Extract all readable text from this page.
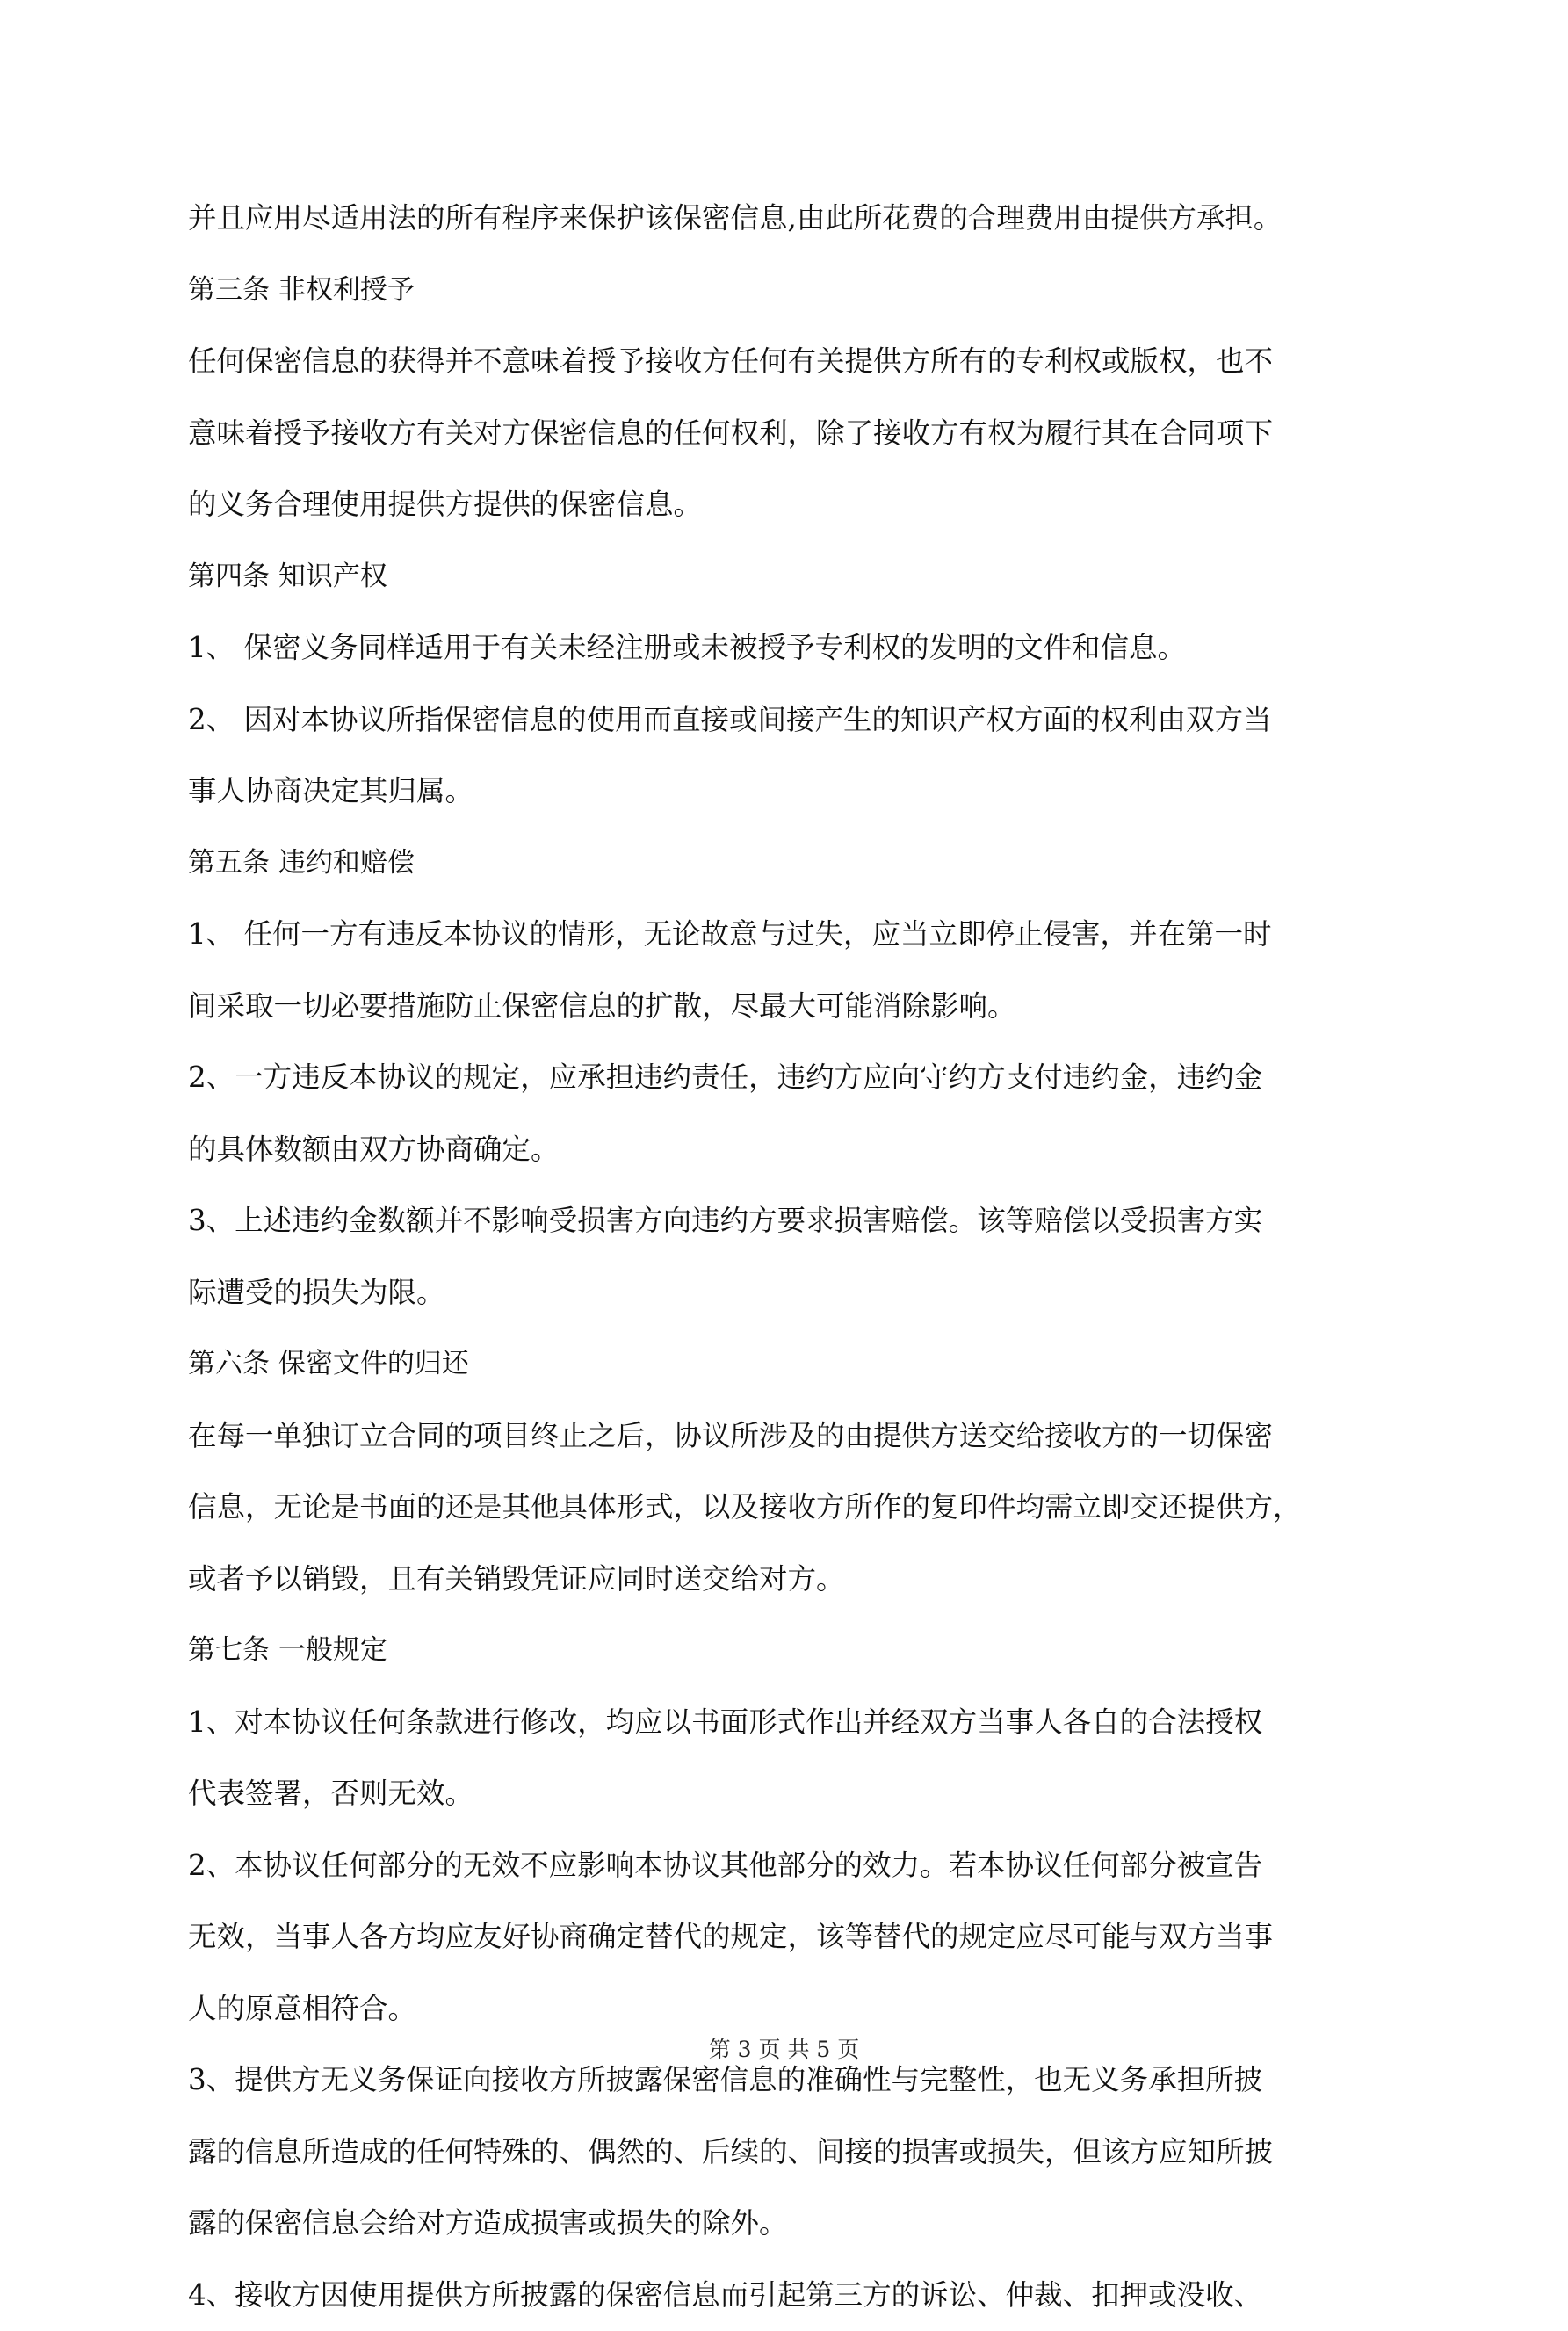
并且应用尽适用法的所有程序来保护该保密信息,由此所花费的合理费用由提供方承担。
第三条 非权利授予
任何保密信息的获得并不意味着授予接收方任何有关提供方所有的专利权或版权，也不
意味着授予接收方有关对方保密信息的任何权利，除了接收方有权为履行其在合同项下
的义务合理使用提供方提供的保密信息。
第四条 知识产权
1、 保密义务同样适用于有关未经注册或未被授予专利权的发明的文件和信息。
2、 因对本协议所指保密信息的使用而直接或间接产生的知识产权方面的权利由双方当
事人协商决定其归属。
第五条 违约和赔偿
1、 任何一方有违反本协议的情形，无论故意与过失，应当立即停止侵害，并在第一时
间采取一切必要措施防止保密信息的扩散，尽最大可能消除影响。
2、一方违反本协议的规定，应承担违约责任，违约方应向守约方支付违约金，违约金
的具体数额由双方协商确定。
3、上述违约金数额并不影响受损害方向违约方要求损害赔偿。该等赔偿以受损害方实
际遭受的损失为限。
第六条 保密文件的归还
在每一单独订立合同的项目终止之后，协议所涉及的由提供方送交给接收方的一切保密
信息，无论是书面的还是其他具体形式，以及接收方所作的复印件均需立即交还提供方，
或者予以销毁，且有关销毁凭证应同时送交给对方。
第七条 一般规定
1、对本协议任何条款进行修改，均应以书面形式作出并经双方当事人各自的合法授权
代表签署，否则无效。
2、本协议任何部分的无效不应影响本协议其他部分的效力。若本协议任何部分被宣告
无效，当事人各方均应友好协商确定替代的规定，该等替代的规定应尽可能与双方当事
人的原意相符合。
3、提供方无义务保证向接收方所披露保密信息的准确性与完整性，也无义务承担所披
露的信息所造成的任何特殊的、偶然的、后续的、间接的损害或损失，但该方应知所披
露的保密信息会给对方造成损害或损失的除外。
4、接收方因使用提供方所披露的保密信息而引起第三方的诉讼、仲裁、扣押或没收、
第 3 页 共 5 页
